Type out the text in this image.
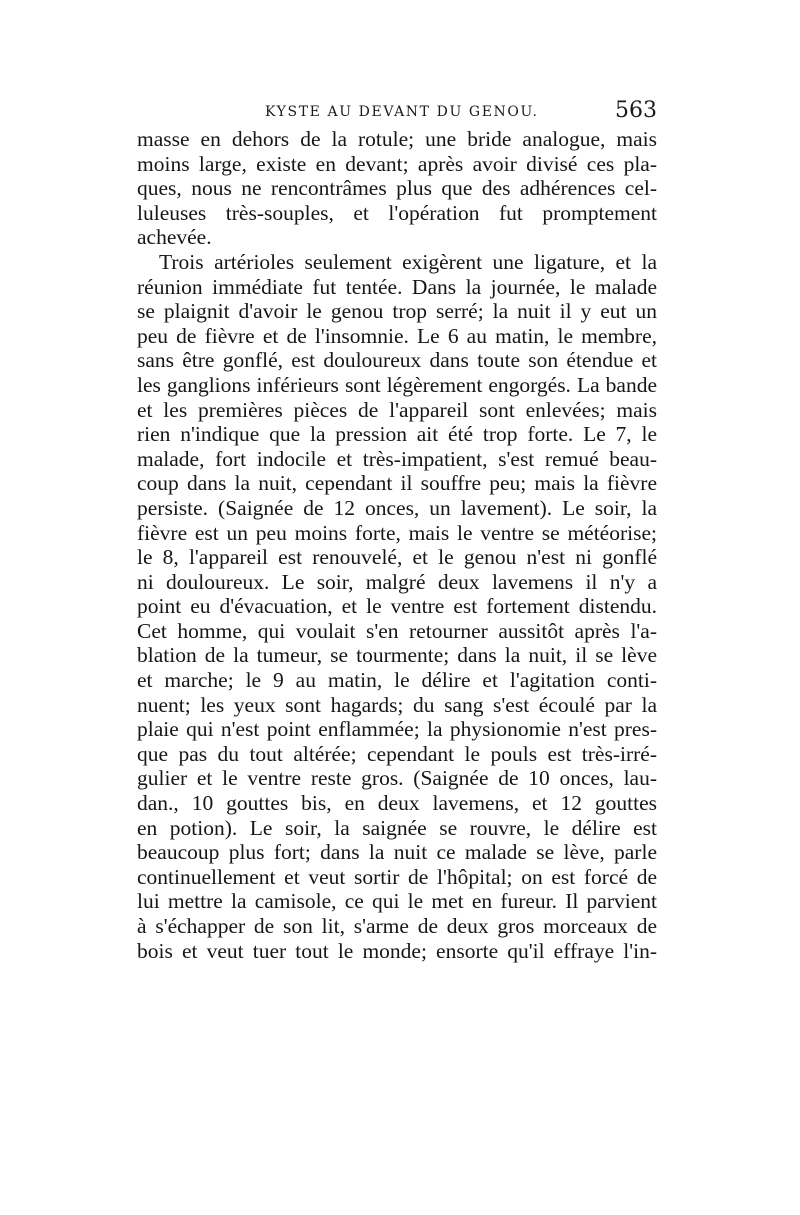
KYSTE AU DEVANT DU GENOU.	563
masse en dehors de la rotule; une bride analogue, mais
moins large, existe en devant; après avoir divisé ces pla-
ques, nous ne rencontrâmes plus que des adhérences cel-
luleuses très-souples, et l'opération fut promptement
achevée.
Trois artérioles seulement exigèrent une ligature, et la
réunion immédiate fut tentée. Dans la journée, le malade
se plaignit d'avoir le genou trop serré; la nuit il y eut un
peu de fièvre et de l'insomnie. Le 6 au matin, le membre,
sans être gonflé, est douloureux dans toute son étendue et
les ganglions inférieurs sont légèrement engorgés. La bande
et les premières pièces de l'appareil sont enlevées; mais
rien n'indique que la pression ait été trop forte. Le 7, le
malade, fort indocile et très-impatient, s'est remué beau-
coup dans la nuit, cependant il souffre peu; mais la fièvre
persiste. (Saignée de 12 onces, un lavement). Le soir, la
fièvre est un peu moins forte, mais le ventre se météorise;
le 8, l'appareil est renouvelé, et le genou n'est ni gonflé
ni douloureux. Le soir, malgré deux lavemens il n'y a
point eu d'évacuation, et le ventre est fortement distendu.
Cet homme, qui voulait s'en retourner aussitôt après l'a-
blation de la tumeur, se tourmente; dans la nuit, il se lève
et marche; le 9 au matin, le délire et l'agitation conti-
nuent; les yeux sont hagards; du sang s'est écoulé par la
plaie qui n'est point enflammée; la physionomie n'est pres-
que pas du tout altérée; cependant le pouls est très-irré-
gulier et le ventre reste gros. (Saignée de 10 onces, lau-
dan., 10 gouttes bis, en deux lavemens, et 12 gouttes
en potion). Le soir, la saignée se rouvre, le délire est
beaucoup plus fort; dans la nuit ce malade se lève, parle
continuellement et veut sortir de l'hôpital; on est forcé de
lui mettre la camisole, ce qui le met en fureur. Il parvient
à s'échapper de son lit, s'arme de deux gros morceaux de
bois et veut tuer tout le monde; ensorte qu'il effraye l'in-
